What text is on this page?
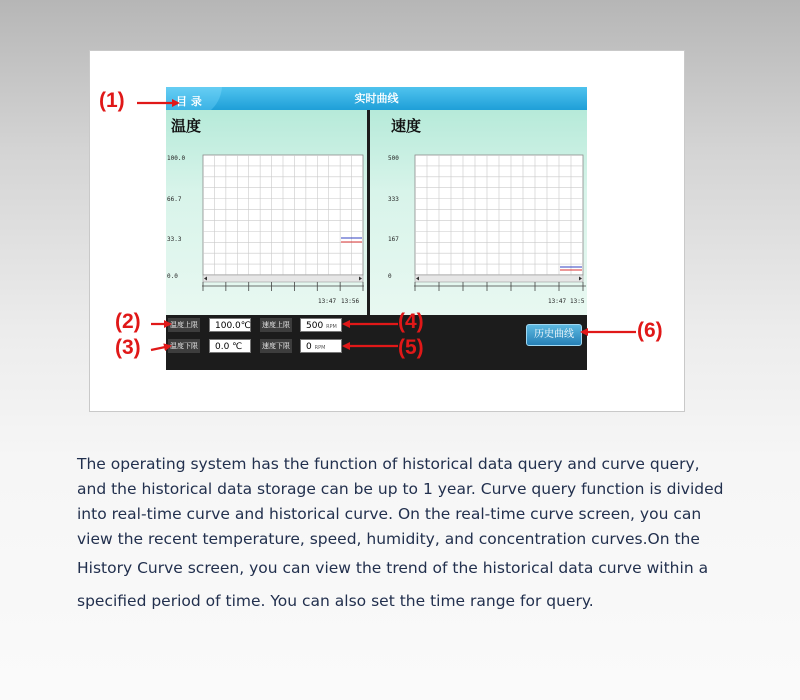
实时曲线
目 录
温度
100.0
66.7
33.3
0.0
13:47 13:56
速度
500
333
167
0
13:47 13:5
温度上限	100.0℃
温度下限	0.0 ℃
速度上限	500 RPM
速度下限	0 RPM
历史曲线
(1)
(2)
(3)
(4)
(5)
(6)

The operating system has the function of historical data query and curve query,

and the historical data storage can be up to 1 year. Curve query function is divided

into real-time curve and historical curve. On the real-time curve screen, you can

view the recent temperature, speed, humidity, and concentration curves.On the

History Curve screen, you can view the trend of the historical data curve within a

specified period of time. You can also set the time range for query.
